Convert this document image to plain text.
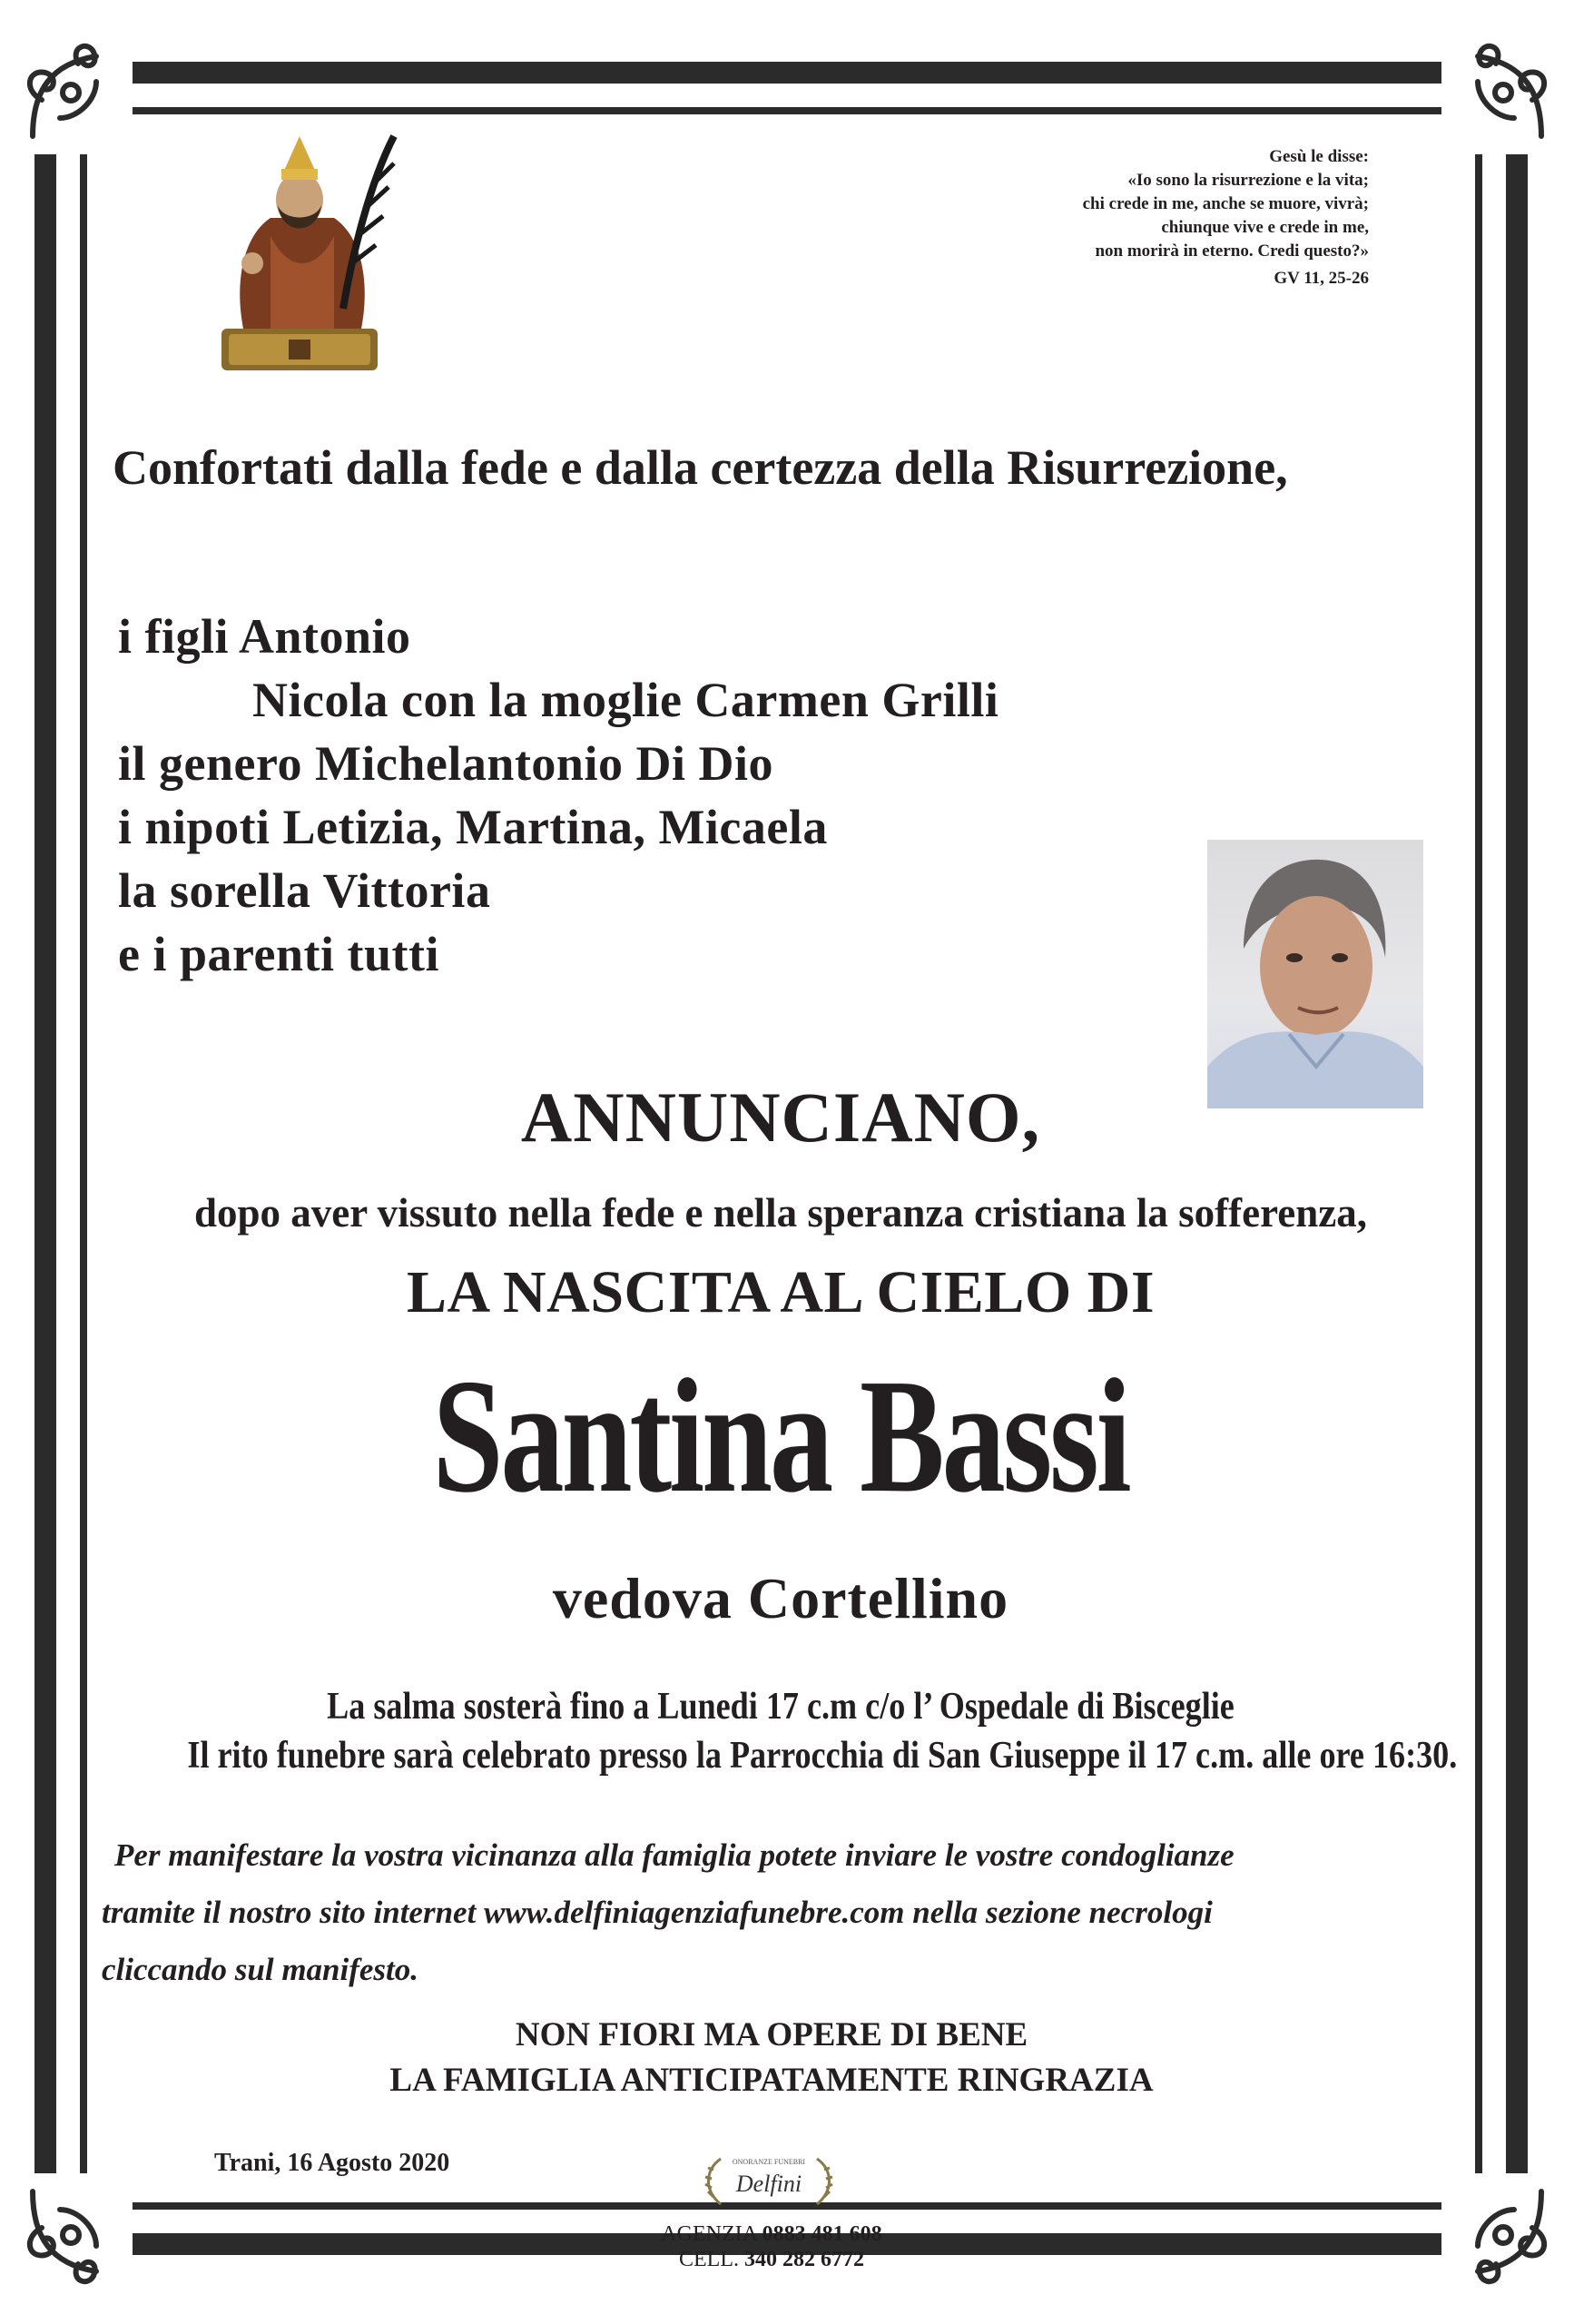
Gesù le disse:
«Io sono la risurrezione e la vita;
chi crede in me, anche se muore, vivrà;
chiunque vive e crede in me,
non morirà in eterno. Credi questo?»
GV 11, 25-26
Confortati dalla fede e dalla certezza della Risurrezione,
i figli Antonio
Nicola con la moglie Carmen Grilli
il genero Michelantonio Di Dio
i nipoti Letizia, Martina, Micaela
la sorella Vittoria
e i parenti tutti
ANNUNCIANO,
dopo aver vissuto nella fede e nella speranza cristiana la sofferenza,
LA NASCITA AL CIELO DI
Santina Bassi
vedova Cortellino
La salma sosterà fino a Lunedi 17 c.m c/o l’ Ospedale di Bisceglie
Il rito funebre sarà celebrato presso la Parrocchia di San Giuseppe il 17 c.m. alle ore 16:30.
Per manifestare la vostra vicinanza alla famiglia potete inviare le vostre condoglianze
tramite il nostro sito internet www.delfiniagenziafunebre.com nella sezione necrologi
cliccando sul manifesto.
NON FIORI MA OPERE DI BENE
LA FAMIGLIA ANTICIPATAMENTE RINGRAZIA
Trani, 16 Agosto 2020	ONORANZE FUNEBRI
Delfini
AGENZIA 0883 481 608
CELL. 340 282 6772
